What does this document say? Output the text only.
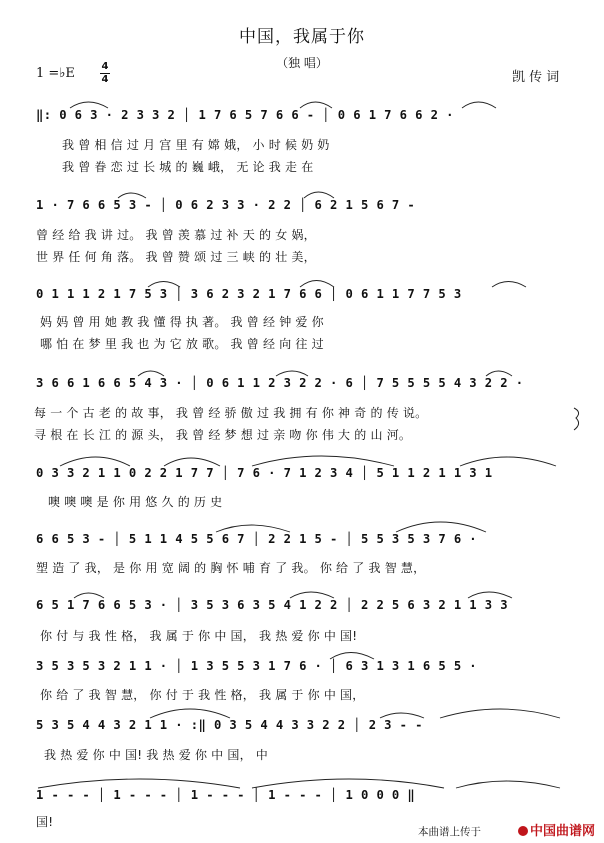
中国，我属于你
（独 唱）
1 =♭E	4
4	凯 传 词
‖: 0 6 3 · 2 3 3 2 │ 1 7 6 5 7 6 6 - │ 0 6 1 7 6 6 2 ·
我 曾 相 信 过 月 宫 里 有 嫦 娥， 小 时 候 奶 奶
我 曾 眷 恋 过 长 城 的 巍 峨， 无 论 我 走 在
1 · 7 6 6 5 3 - │ 0 6 2 3 3 · 2 2 │ 6 2 1 5 6 7 -
曾 经 给 我 讲 过。 我 曾 羡 慕 过 补 天 的 女 娲，
世 界 任 何 角 落。 我 曾 赞 颂 过 三 峡 的 壮 美，
0 1 1 1 2 1 7 5 3 │ 3 6 2 3 2 1 7 6 6 │ 0 6 1 1 7 7 5 3
妈 妈 曾 用 她 教 我 懂 得 执 著。 我 曾 经 钟 爱 你
哪 怕 在 梦 里 我 也 为 它 放 歌。 我 曾 经 向 往 过
3 6 6 1 6 6 5 4 3 · │ 0 6 1 1 2 3 2 2 · 6 │ 7 5 5 5 5 4 3 2 2 ·
每 一 个 古 老 的 故 事， 我 曾 经 骄 傲 过 我 拥 有 你 神 奇 的 传 说。
寻 根 在 长 江 的 源 头， 我 曾 经 梦 想 过 亲 吻 你 伟 大 的 山 河。
0 3 3 2 1 1 0 2 2 1 7 7 │ 7 6 · 7 1 2 3 4 │ 5 1 1 2 1 1 3 1
噢 噢 噢 是 你 用 悠 久 的 历 史
6 6 5 3 - │ 5 1 1 4 5 5 6 7 │ 2 2 1 5 - │ 5 5 3 5 3 7 6 ·
塑 造 了 我， 是 你 用 宽 阔 的 胸 怀 哺 育 了 我。 你 给 了 我 智 慧，
6 5 1 7 6 6 5 3 · │ 3 5 3 6 3 5 4 1 2 2 │ 2 2 5 6 3 2 1 1 3 3
你 付 与 我 性 格， 我 属 于 你 中 国， 我 热 爱 你 中 国!
3 5 3 5 3 2 1 1 · │ 1 3 5 5 3 1 7 6 · │ 6 3 1 3 1 6 5 5 ·
你 给 了 我 智 慧， 你 付 于 我 性 格， 我 属 于 你 中 国，
5 3 5 4 4 3 2 1 1 · :‖ 0 3 5 4 4 3 3 2 2 │ 2 3 - -
我 热 爱 你 中 国! 我 热 爱 你 中 国， 中
1 - - - │ 1 - - - │ 1 - - - │ 1 - - - │ 1 0 0 0 ‖
国!
本曲谱上传于	中国曲谱网
